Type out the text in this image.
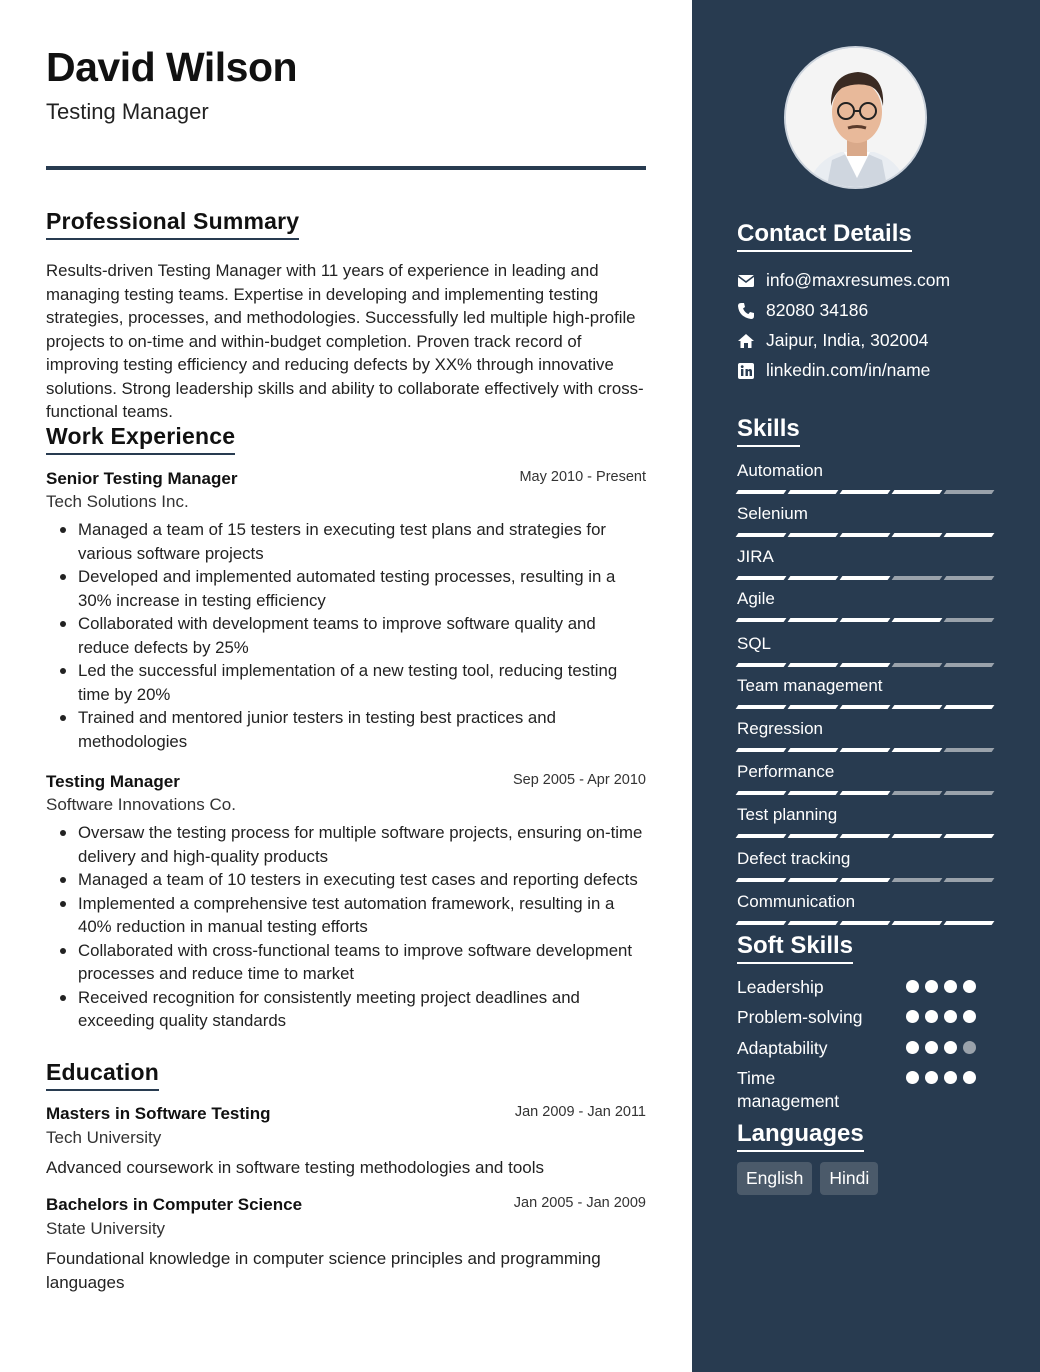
David Wilson
Testing Manager
Professional Summary
Results-driven Testing Manager with 11 years of experience in leading and managing testing teams. Expertise in developing and implementing testing strategies, processes, and methodologies. Successfully led multiple high-profile projects to on-time and within-budget completion. Proven track record of improving testing efficiency and reducing defects by XX% through innovative solutions. Strong leadership skills and ability to collaborate effectively with cross-functional teams.
Work Experience
Senior Testing Manager	May 2010 - Present
Tech Solutions Inc.
Managed a team of 15 testers in executing test plans and strategies for various software projects
Developed and implemented automated testing processes, resulting in a 30% increase in testing efficiency
Collaborated with development teams to improve software quality and reduce defects by 25%
Led the successful implementation of a new testing tool, reducing testing time by 20%
Trained and mentored junior testers in testing best practices and methodologies
Testing Manager	Sep 2005 - Apr 2010
Software Innovations Co.
Oversaw the testing process for multiple software projects, ensuring on-time delivery and high-quality products
Managed a team of 10 testers in executing test cases and reporting defects
Implemented a comprehensive test automation framework, resulting in a 40% reduction in manual testing efforts
Collaborated with cross-functional teams to improve software development processes and reduce time to market
Received recognition for consistently meeting project deadlines and exceeding quality standards
Education
Masters in Software Testing	Jan 2009 - Jan 2011
Tech University
Advanced coursework in software testing methodologies and tools
Bachelors in Computer Science	Jan 2005 - Jan 2009
State University
Foundational knowledge in computer science principles and programming languages
Contact Details
info@maxresumes.com
82080 34186
Jaipur, India, 302004
linkedin.com/in/name
Skills
Automation
Selenium
JIRA
Agile
SQL
Team management
Regression
Performance
Test planning
Defect tracking
Communication
Soft Skills
Leadership
Problem-solving
Adaptability
Time management
Languages
English	Hindi
